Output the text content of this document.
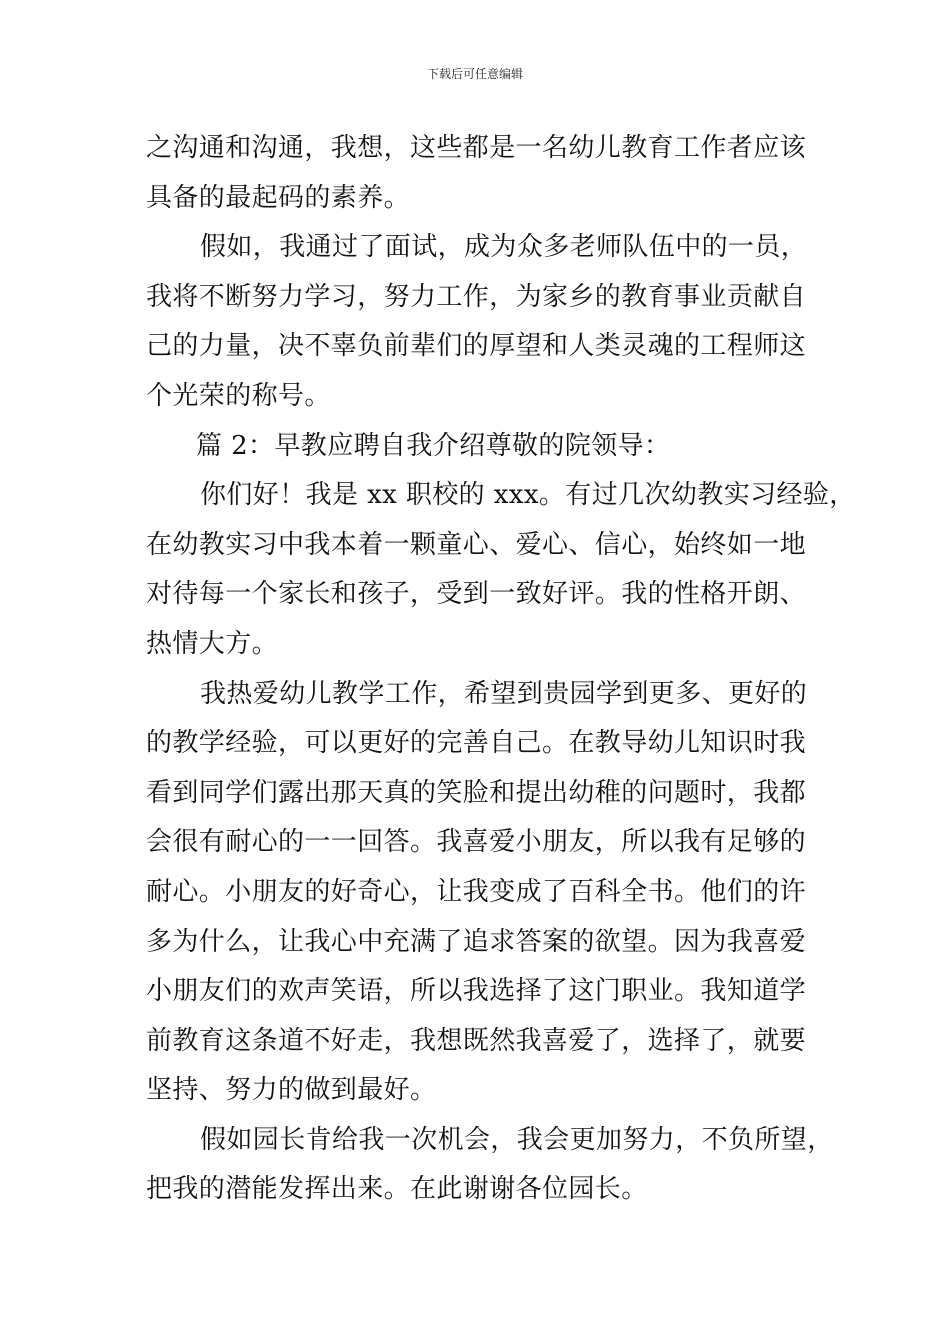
下载后可任意编辑

之沟通和沟通，我想，这些都是一名幼儿教育工作者应该

具备的最起码的素养。

假如，我通过了面试，成为众多老师队伍中的一员，

我将不断努力学习，努力工作，为家乡的教育事业贡献自

己的力量，决不辜负前辈们的厚望和人类灵魂的工程师这

个光荣的称号。

篇 2：早教应聘自我介绍尊敬的院领导：

你们好！我是 xx 职校的 xxx。有过几次幼教实习经验，

在幼教实习中我本着一颗童心、爱心、信心，始终如一地

对待每一个家长和孩子，受到一致好评。我的性格开朗、

热情大方。

我热爱幼儿教学工作，希望到贵园学到更多、更好的

的教学经验，可以更好的完善自己。在教导幼儿知识时我

看到同学们露出那天真的笑脸和提出幼稚的问题时，我都

会很有耐心的一一回答。我喜爱小朋友，所以我有足够的

耐心。小朋友的好奇心，让我变成了百科全书。他们的许

多为什么，让我心中充满了追求答案的欲望。因为我喜爱

小朋友们的欢声笑语，所以我选择了这门职业。我知道学

前教育这条道不好走，我想既然我喜爱了，选择了，就要

坚持、努力的做到最好。

假如园长肯给我一次机会，我会更加努力，不负所望，

把我的潜能发挥出来。在此谢谢各位园长。
